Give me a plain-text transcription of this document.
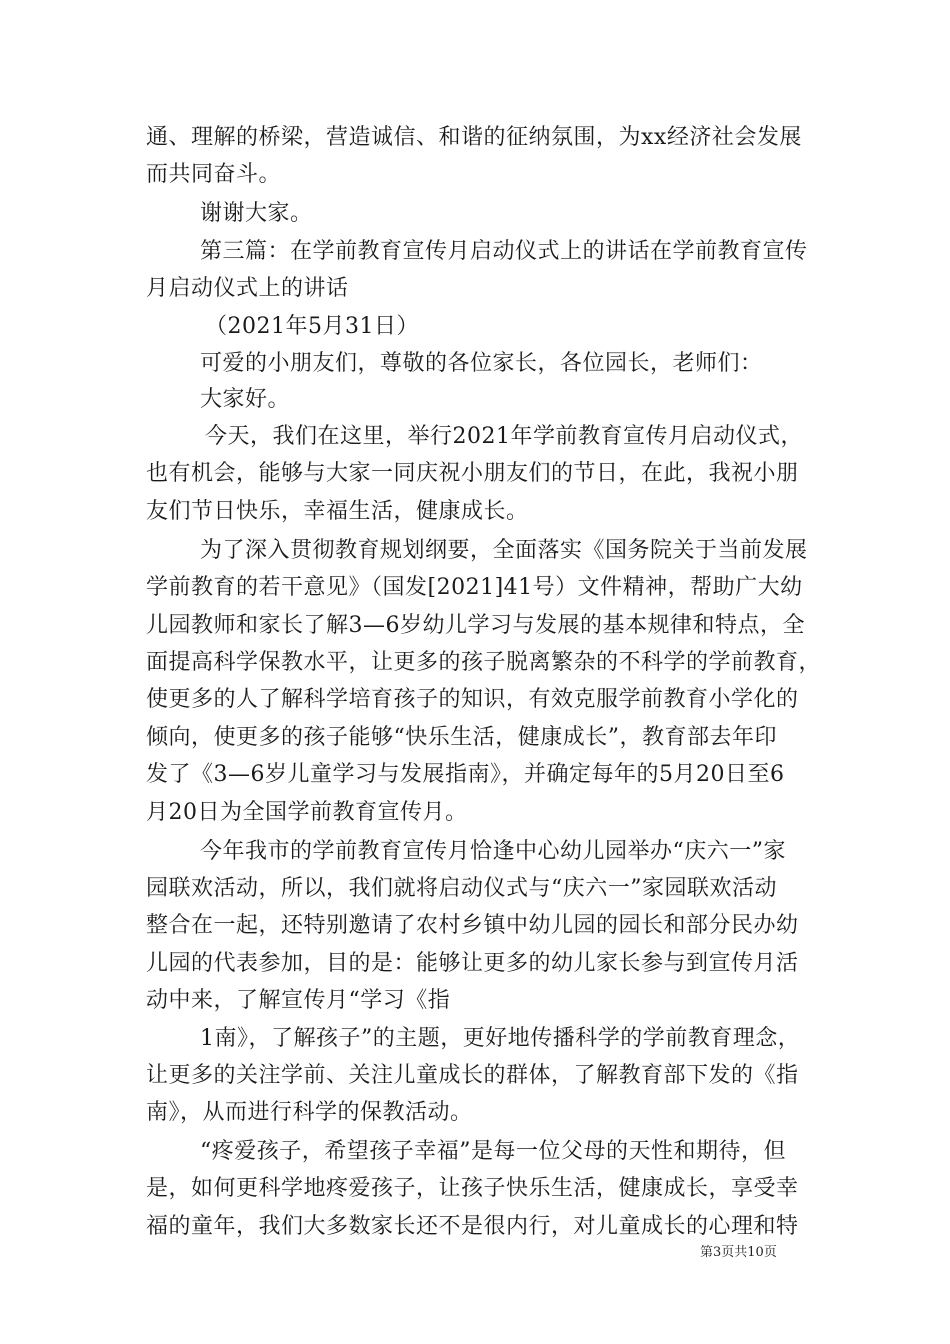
通、理解的桥梁，营造诚信、和谐的征纳氛围，为xx经济社会发展
而共同奋斗。
谢谢大家。
第三篇：在学前教育宣传月启动仪式上的讲话在学前教育宣传
月启动仪式上的讲话
（2021年5月31日）
可爱的小朋友们，尊敬的各位家长，各位园长，老师们：
大家好。
今天，我们在这里，举行2021年学前教育宣传月启动仪式，
也有机会，能够与大家一同庆祝小朋友们的节日，在此，我祝小朋
友们节日快乐，幸福生活，健康成长。
为了深入贯彻教育规划纲要，全面落实《国务院关于当前发展
学前教育的若干意见》（国发[2021]41号）文件精神，帮助广大幼
儿园教师和家长了解3—6岁幼儿学习与发展的基本规律和特点，全
面提高科学保教水平，让更多的孩子脱离繁杂的不科学的学前教育，
使更多的人了解科学培育孩子的知识，有效克服学前教育小学化的
倾向，使更多的孩子能够“快乐生活，健康成长”，教育部去年印
发了《3—6岁儿童学习与发展指南》，并确定每年的5月20日至6
月20日为全国学前教育宣传月。
今年我市的学前教育宣传月恰逢中心幼儿园举办“庆六一”家
园联欢活动，所以，我们就将启动仪式与“庆六一”家园联欢活动
整合在一起，还特别邀请了农村乡镇中幼儿园的园长和部分民办幼
儿园的代表参加，目的是：能够让更多的幼儿家长参与到宣传月活
动中来，了解宣传月“学习《指
1南》，了解孩子”的主题，更好地传播科学的学前教育理念，
让更多的关注学前、关注儿童成长的群体，了解教育部下发的《指
南》，从而进行科学的保教活动。
“疼爱孩子，希望孩子幸福”是每一位父母的天性和期待，但
是，如何更科学地疼爱孩子，让孩子快乐生活，健康成长，享受幸
福的童年，我们大多数家长还不是很内行，对儿童成长的心理和特
第3页共10页
